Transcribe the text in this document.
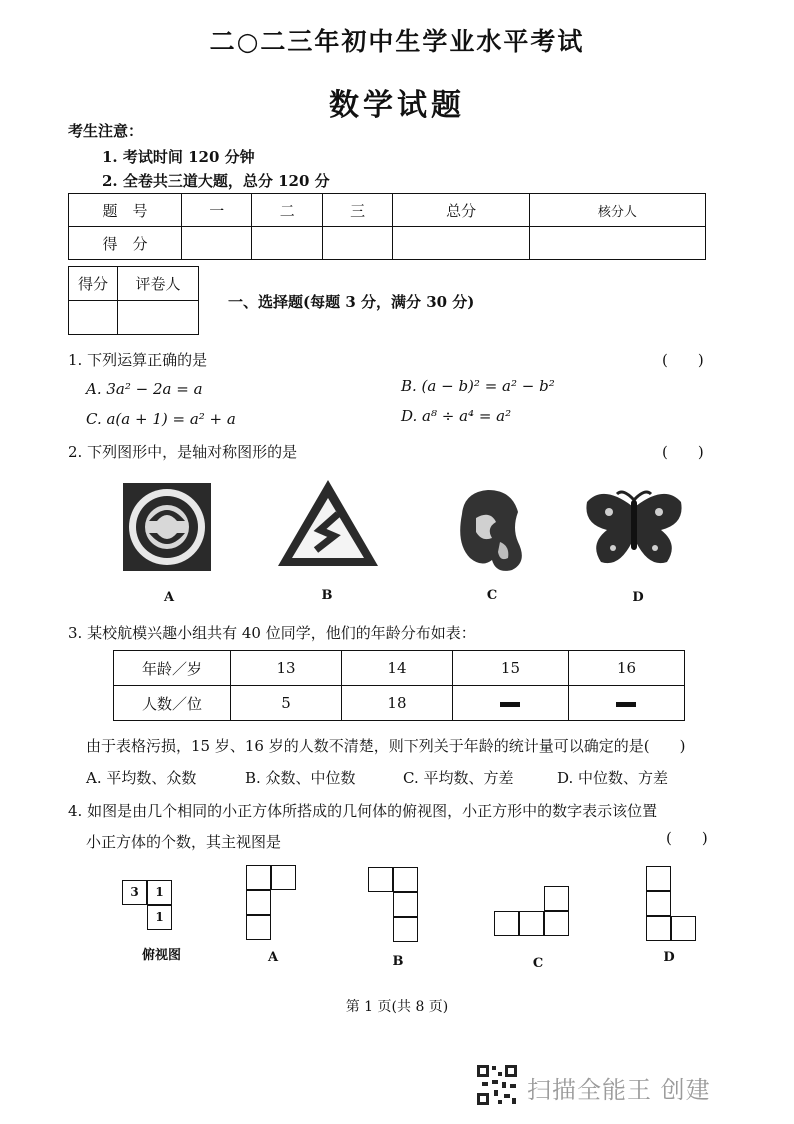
二○二三年初中生学业水平考试
数学试题
考生注意：
1. 考试时间 120 分钟
2. 全卷共三道大题，总分 120 分
题　号	一	二	三	总分	核分人
得　分					
得分	评卷人

一、选择题(每题 3 分，满分 30 分)
1. 下列运算正确的是	(　　)
A. 3a² − 2a = a	B. (a − b)² = a² − b²
C. a(a + 1) = a² + a	D. a⁸ ÷ a⁴ = a²
2. 下列图形中，是轴对称图形的是	(　　)
A	B	C	D
3. 某校航模兴趣小组共有 40 位同学，他们的年龄分布如表：
年龄／岁	13	14	15	16
人数／位	5	18		
由于表格污损，15 岁、16 岁的人数不清楚，则下列关于年龄的统计量可以确定的是(　　)
A. 平均数、众数	B. 众数、中位数	C. 平均数、方差	D. 中位数、方差
4. 如图是由几个相同的小正方体所搭成的几何体的俯视图，小正方形中的数字表示该位置
小正方体的个数，其主视图是	(　　)
3	1
1
俯视图	A	B	C	D
第 1 页(共 8 页)
扫描全能王 创建
